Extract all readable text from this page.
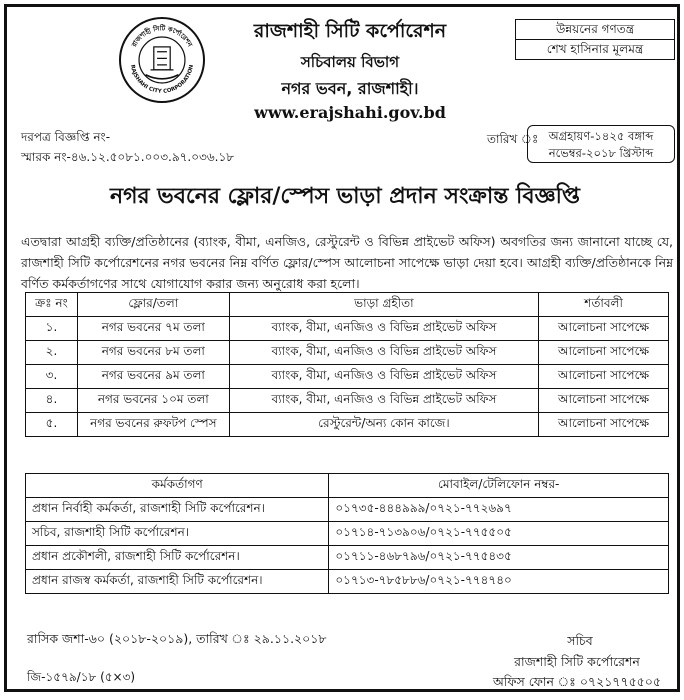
রাজশাহী সিটি কর্পোরেশন
RAJSHAHI CITY CORPORATION
রাজশাহী সিটি কর্পোরেশন
সচিবালয় বিভাগ
নগর ভবন, রাজশাহী।
www.erajshahi.gov.bd
উন্নয়নের গণতন্ত্র
শেখ হাসিনার মূলমন্ত্র
দরপত্র বিজ্ঞপ্তি নং-
স্মারক নং-৪৬.১২.৫০৮১.০০৩.৯৭.০৩৬.১৮
তারিখ ঃ অগ্রহায়ণ-১৪২৫ বঙ্গাব্দ
নভেম্বর-২০১৮ খ্রিস্টাব্দ
নগর ভবনের ফ্লোর/স্পেস ভাড়া প্রদান সংক্রান্ত বিজ্ঞপ্তি
এতদ্বারা আগ্রহী ব্যক্তি/প্রতিষ্ঠানের (ব্যাংক, বীমা, এনজিও, রেস্টুরেন্ট ও বিভিন্ন প্রাইভেট অফিস) অবগতির জন্য জানানো যাচ্ছে যে, রাজশাহী সিটি কর্পোরেশনের নগর ভবনের নিম্ন বর্ণিত ফ্লোর/স্পেস আলোচনা সাপেক্ষে ভাড়া দেয়া হবে। আগ্রহী ব্যক্তি/প্রতিষ্ঠানকে নিম্ন বর্ণিত কর্মকর্তাগণের সাথে যোগাযোগ করার জন্য অনুরোধ করা হলো।
ক্রঃ নং	ফ্লোর/তলা	ভাড়া গ্রহীতা	শর্তাবলী
১.	নগর ভবনের ৭ম তলা	ব্যাংক, বীমা, এনজিও ও বিভিন্ন প্রাইভেট অফিস	আলোচনা সাপেক্ষে
২.	নগর ভবনের ৮ম তলা	ব্যাংক, বীমা, এনজিও ও বিভিন্ন প্রাইভেট অফিস	আলোচনা সাপেক্ষে
৩.	নগর ভবনের ৯ম তলা	ব্যাংক, বীমা, এনজিও ও বিভিন্ন প্রাইভেট অফিস	আলোচনা সাপেক্ষে
৪.	নগর ভবনের ১০ম তলা	ব্যাংক, বীমা, এনজিও ও বিভিন্ন প্রাইভেট অফিস	আলোচনা সাপেক্ষে
৫.	নগর ভবনের রুফটপ স্পেস	রেস্টুরেন্ট/অন্য কোন কাজে।	আলোচনা সাপেক্ষে
কর্মকর্তাগণ	মোবাইল/টেলিফোন নম্বর-
প্রধান নির্বাহী কর্মকর্তা, রাজশাহী সিটি কর্পোরেশন।	০১৭৩৫-৪৪৪৯৯৯/০৭২১-৭৭২৬৯৭
সচিব, রাজশাহী সিটি কর্পোরেশন।	০১৭১৪-৭১৩৯০৬/০৭২১-৭৭৫৫০৫
প্রধান প্রকৌশলী, রাজশাহী সিটি কর্পোরেশন।	০১৭১১-৪৬৮৭৯৬/০৭২১-৭৭৫৪৩৫
প্রধান রাজস্ব কর্মকর্তা, রাজশাহী সিটি কর্পোরেশন।	০১৭১৩-৭৮৫৮৮৬/০৭২১-৭৭৪৭৪০
রাসিক জশা-৬০ (২০১৮-২০১৯), তারিখ ঃ ২৯.১১.২০১৮
জি-১৫৭৯/১৮ (৫×৩)
সচিব
রাজশাহী সিটি কর্পোরেশন
অফিস ফোন ঃ ০৭২১৭৭৫৫০৫
